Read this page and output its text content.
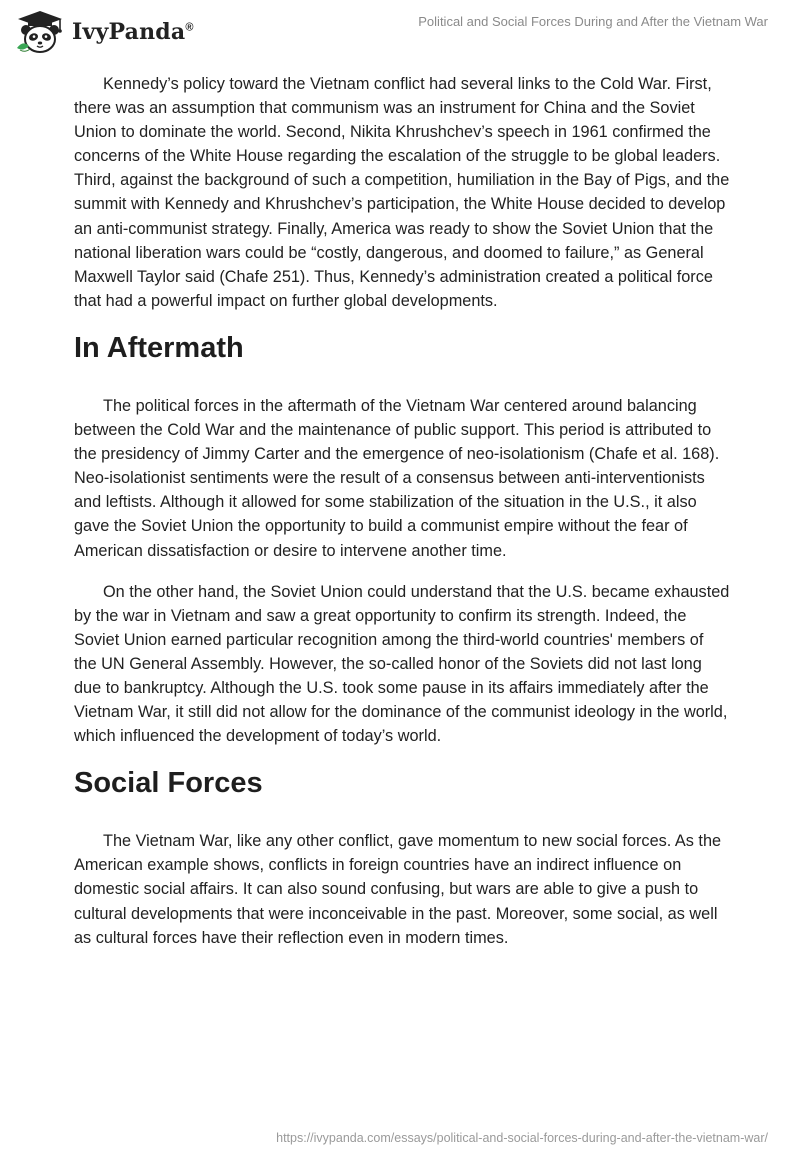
IvyPanda®	Political and Social Forces During and After the Vietnam War

Kennedy’s policy toward the Vietnam conflict had several links to the Cold War. First, there was an assumption that communism was an instrument for China and the Soviet Union to dominate the world. Second, Nikita Khrushchev’s speech in 1961 confirmed the concerns of the White House regarding the escalation of the struggle to be global leaders. Third, against the background of such a competition, humiliation in the Bay of Pigs, and the summit with Kennedy and Khrushchev’s participation, the White House decided to develop an anti-communist strategy. Finally, America was ready to show the Soviet Union that the national liberation wars could be “costly, dangerous, and doomed to failure,” as General Maxwell Taylor said (Chafe 251). Thus, Kennedy’s administration created a political force that had a powerful impact on further global developments.

In Aftermath

The political forces in the aftermath of the Vietnam War centered around balancing between the Cold War and the maintenance of public support. This period is attributed to the presidency of Jimmy Carter and the emergence of neo-isolationism (Chafe et al. 168). Neo-isolationist sentiments were the result of a consensus between anti-interventionists and leftists. Although it allowed for some stabilization of the situation in the U.S., it also gave the Soviet Union the opportunity to build a communist empire without the fear of American dissatisfaction or desire to intervene another time.

On the other hand, the Soviet Union could understand that the U.S. became exhausted by the war in Vietnam and saw a great opportunity to confirm its strength. Indeed, the Soviet Union earned particular recognition among the third-world countries' members of the UN General Assembly. However, the so-called honor of the Soviets did not last long due to bankruptcy. Although the U.S. took some pause in its affairs immediately after the Vietnam War, it still did not allow for the dominance of the communist ideology in the world, which influenced the development of today’s world.

Social Forces

The Vietnam War, like any other conflict, gave momentum to new social forces. As the American example shows, conflicts in foreign countries have an indirect influence on domestic social affairs. It can also sound confusing, but wars are able to give a push to cultural developments that were inconceivable in the past. Moreover, some social, as well as cultural forces have their reflection even in modern times.

https://ivypanda.com/essays/political-and-social-forces-during-and-after-the-vietnam-war/
